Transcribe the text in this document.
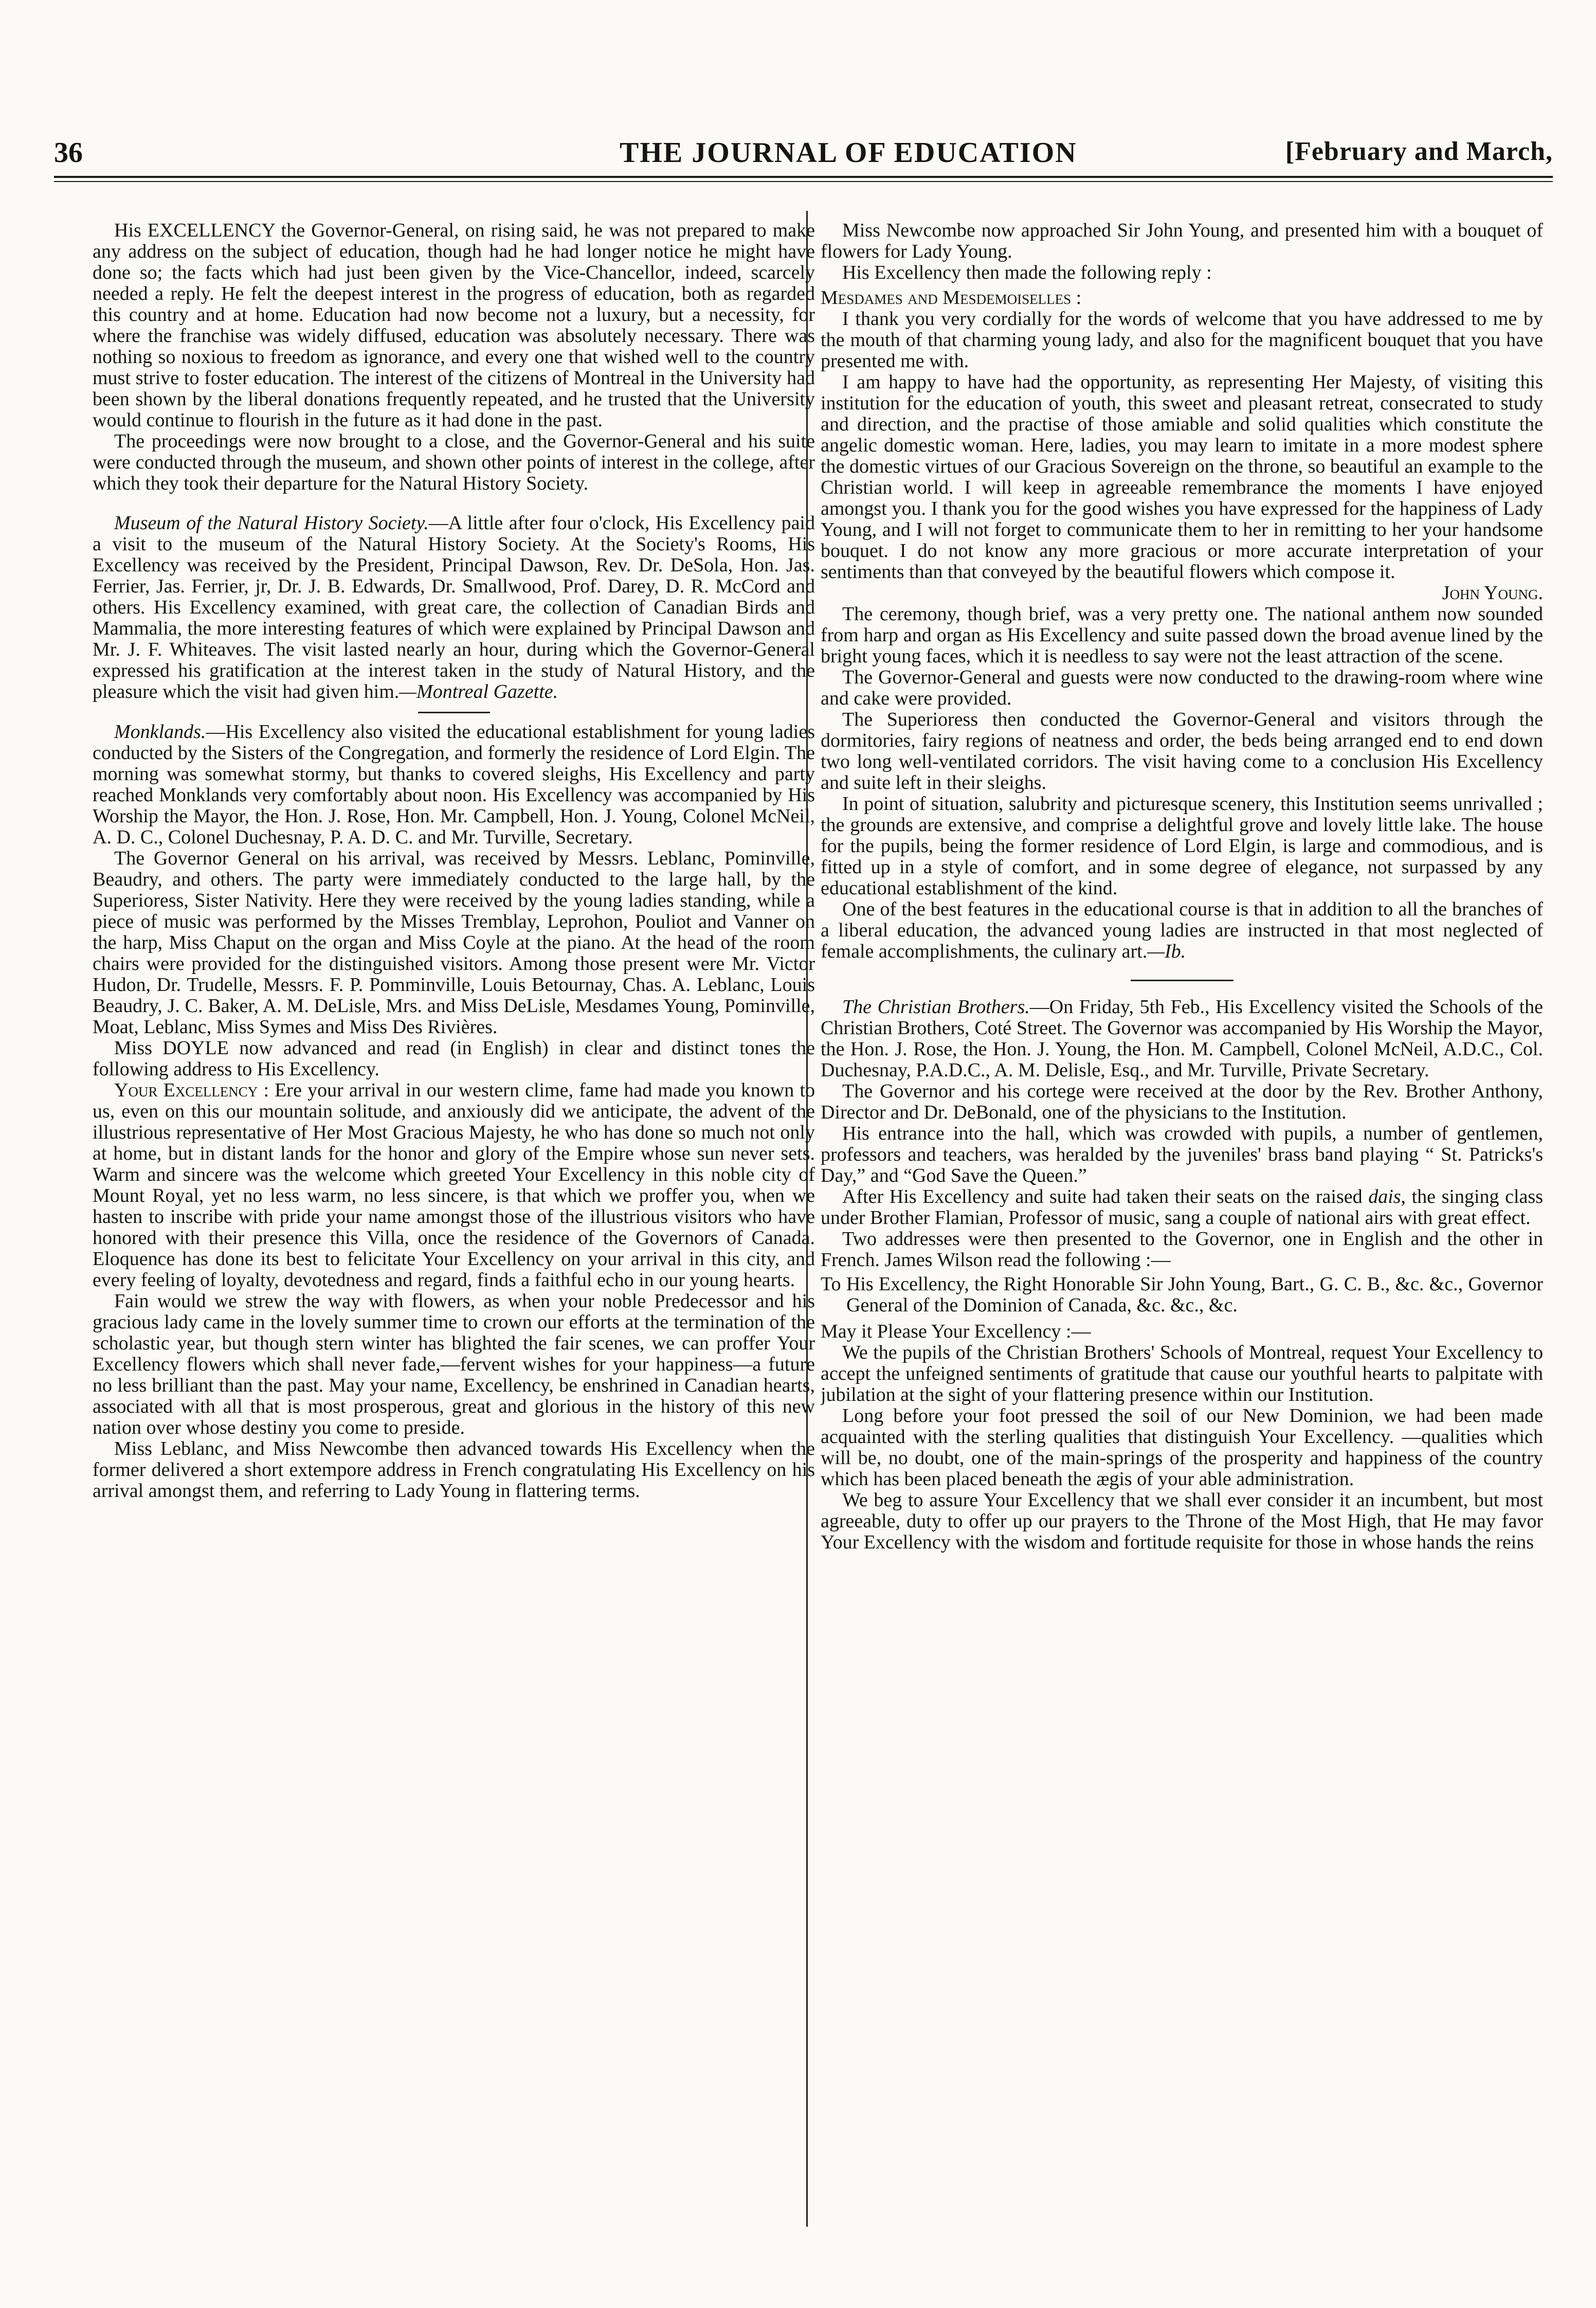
36	THE JOURNAL OF EDUCATION	[February and March,

His EXCELLENCY the Governor-General, on rising said, he was not prepared to make any address on the subject of education, though had he had longer notice he might have done so; the facts which had just been given by the Vice-Chancellor, indeed, scarcely needed a reply. He felt the deepest interest in the progress of education, both as regarded this country and at home. Education had now become not a luxury, but a necessity, for where the franchise was widely diffused, education was absolutely necessary. There was nothing so noxious to freedom as ignorance, and every one that wished well to the country must strive to foster education. The interest of the citizens of Montreal in the University had been shown by the liberal donations frequently repeated, and he trusted that the University would continue to flourish in the future as it had done in the past.

The proceedings were now brought to a close, and the Governor-General and his suite were conducted through the museum, and shown other points of interest in the college, after which they took their departure for the Natural History Society.

Museum of the Natural History Society.—A little after four o'clock, His Excellency paid a visit to the museum of the Natural History Society. At the Society's Rooms, His Excellency was received by the President, Principal Dawson, Rev. Dr. DeSola, Hon. Jas. Ferrier, Jas. Ferrier, jr, Dr. J. B. Edwards, Dr. Smallwood, Prof. Darey, D. R. McCord and others. His Excellency examined, with great care, the collection of Canadian Birds and Mammalia, the more interesting features of which were explained by Principal Dawson and Mr. J. F. Whiteaves. The visit lasted nearly an hour, during which the Governor-General expressed his gratification at the interest taken in the study of Natural History, and the pleasure which the visit had given him.—Montreal Gazette.

Monklands.—His Excellency also visited the educational establishment for young ladies conducted by the Sisters of the Congregation, and formerly the residence of Lord Elgin. The morning was somewhat stormy, but thanks to covered sleighs, His Excellency and party reached Monklands very comfortably about noon. His Excellency was accompanied by His Worship the Mayor, the Hon. J. Rose, Hon. Mr. Campbell, Hon. J. Young, Colonel McNeil, A. D. C., Colonel Duchesnay, P. A. D. C. and Mr. Turville, Secretary.

The Governor General on his arrival, was received by Messrs. Leblanc, Pominville, Beaudry, and others. The party were immediately conducted to the large hall, by the Superioress, Sister Nativity. Here they were received by the young ladies standing, while a piece of music was performed by the Misses Tremblay, Leprohon, Pouliot and Vanner on the harp, Miss Chaput on the organ and Miss Coyle at the piano. At the head of the room chairs were provided for the distinguished visitors. Among those present were Mr. Victor Hudon, Dr. Trudelle, Messrs. F. P. Pomminville, Louis Betournay, Chas. A. Leblanc, Louis Beaudry, J. C. Baker, A. M. DeLisle, Mrs. and Miss DeLisle, Mesdames Young, Pominville, Moat, Leblanc, Miss Symes and Miss Des Rivières.

Miss DOYLE now advanced and read (in English) in clear and distinct tones the following address to His Excellency.

Your Excellency : Ere your arrival in our western clime, fame had made you known to us, even on this our mountain solitude, and anxiously did we anticipate, the advent of the illustrious representative of Her Most Gracious Majesty, he who has done so much not only at home, but in distant lands for the honor and glory of the Empire whose sun never sets. Warm and sincere was the welcome which greeted Your Excellency in this noble city of Mount Royal, yet no less warm, no less sincere, is that which we proffer you, when we hasten to inscribe with pride your name amongst those of the illustrious visitors who have honored with their presence this Villa, once the residence of the Governors of Canada. Eloquence has done its best to felicitate Your Excellency on your arrival in this city, and every feeling of loyalty, devotedness and regard, finds a faithful echo in our young hearts.

Fain would we strew the way with flowers, as when your noble Predecessor and his gracious lady came in the lovely summer time to crown our efforts at the termination of the scholastic year, but though stern winter has blighted the fair scenes, we can proffer Your Excellency flowers which shall never fade,—fervent wishes for your happiness—a future no less brilliant than the past. May your name, Excellency, be enshrined in Canadian hearts, associated with all that is most prosperous, great and glorious in the history of this new nation over whose destiny you come to preside.

Miss Leblanc, and Miss Newcombe then advanced towards His Excellency when the former delivered a short extempore address in French congratulating His Excellency on his arrival amongst them, and referring to Lady Young in flattering terms.

Miss Newcombe now approached Sir John Young, and presented him with a bouquet of flowers for Lady Young.

His Excellency then made the following reply :

Mesdames and Mesdemoiselles :

I thank you very cordially for the words of welcome that you have addressed to me by the mouth of that charming young lady, and also for the magnificent bouquet that you have presented me with.

I am happy to have had the opportunity, as representing Her Majesty, of visiting this institution for the education of youth, this sweet and pleasant retreat, consecrated to study and direction, and the practise of those amiable and solid qualities which constitute the angelic domestic woman. Here, ladies, you may learn to imitate in a more modest sphere the domestic virtues of our Gracious Sovereign on the throne, so beautiful an example to the Christian world. I will keep in agreeable remembrance the moments I have enjoyed amongst you. I thank you for the good wishes you have expressed for the happiness of Lady Young, and I will not forget to communicate them to her in remitting to her your handsome bouquet. I do not know any more gracious or more accurate interpretation of your sentiments than that conveyed by the beautiful flowers which compose it.

John Young.

The ceremony, though brief, was a very pretty one. The national anthem now sounded from harp and organ as His Excellency and suite passed down the broad avenue lined by the bright young faces, which it is needless to say were not the least attraction of the scene.

The Governor-General and guests were now conducted to the drawing-room where wine and cake were provided.

The Superioress then conducted the Governor-General and visitors through the dormitories, fairy regions of neatness and order, the beds being arranged end to end down two long well-ventilated corridors. The visit having come to a conclusion His Excellency and suite left in their sleighs.

In point of situation, salubrity and picturesque scenery, this Institution seems unrivalled ; the grounds are extensive, and comprise a delightful grove and lovely little lake. The house for the pupils, being the former residence of Lord Elgin, is large and commodious, and is fitted up in a style of comfort, and in some degree of elegance, not surpassed by any educational establishment of the kind.

One of the best features in the educational course is that in addition to all the branches of a liberal education, the advanced young ladies are instructed in that most neglected of female accomplishments, the culinary art.—Ib.

The Christian Brothers.—On Friday, 5th Feb., His Excellency visited the Schools of the Christian Brothers, Coté Street. The Governor was accompanied by His Worship the Mayor, the Hon. J. Rose, the Hon. J. Young, the Hon. M. Campbell, Colonel McNeil, A.D.C., Col. Duchesnay, P.A.D.C., A. M. Delisle, Esq., and Mr. Turville, Private Secretary.

The Governor and his cortege were received at the door by the Rev. Brother Anthony, Director and Dr. DeBonald, one of the physicians to the Institution.

His entrance into the hall, which was crowded with pupils, a number of gentlemen, professors and teachers, was heralded by the juveniles' brass band playing “ St. Patricks's Day,” and “God Save the Queen.”

After His Excellency and suite had taken their seats on the raised dais, the singing class under Brother Flamian, Professor of music, sang a couple of national airs with great effect.

Two addresses were then presented to the Governor, one in English and the other in French. James Wilson read the following :—

To His Excellency, the Right Honorable Sir John Young, Bart., G. C. B., &c. &c., Governor General of the Dominion of Canada, &c. &c., &c.

May it Please Your Excellency :—

We the pupils of the Christian Brothers' Schools of Montreal, request Your Excellency to accept the unfeigned sentiments of gratitude that cause our youthful hearts to palpitate with jubilation at the sight of your flattering presence within our Institution.

Long before your foot pressed the soil of our New Dominion, we had been made acquainted with the sterling qualities that distinguish Your Excellency. —qualities which will be, no doubt, one of the main-springs of the prosperity and happiness of the country which has been placed beneath the ægis of your able administration.

We beg to assure Your Excellency that we shall ever consider it an incumbent, but most agreeable, duty to offer up our prayers to the Throne of the Most High, that He may favor Your Excellency with the wisdom and fortitude requisite for those in whose hands the reins
